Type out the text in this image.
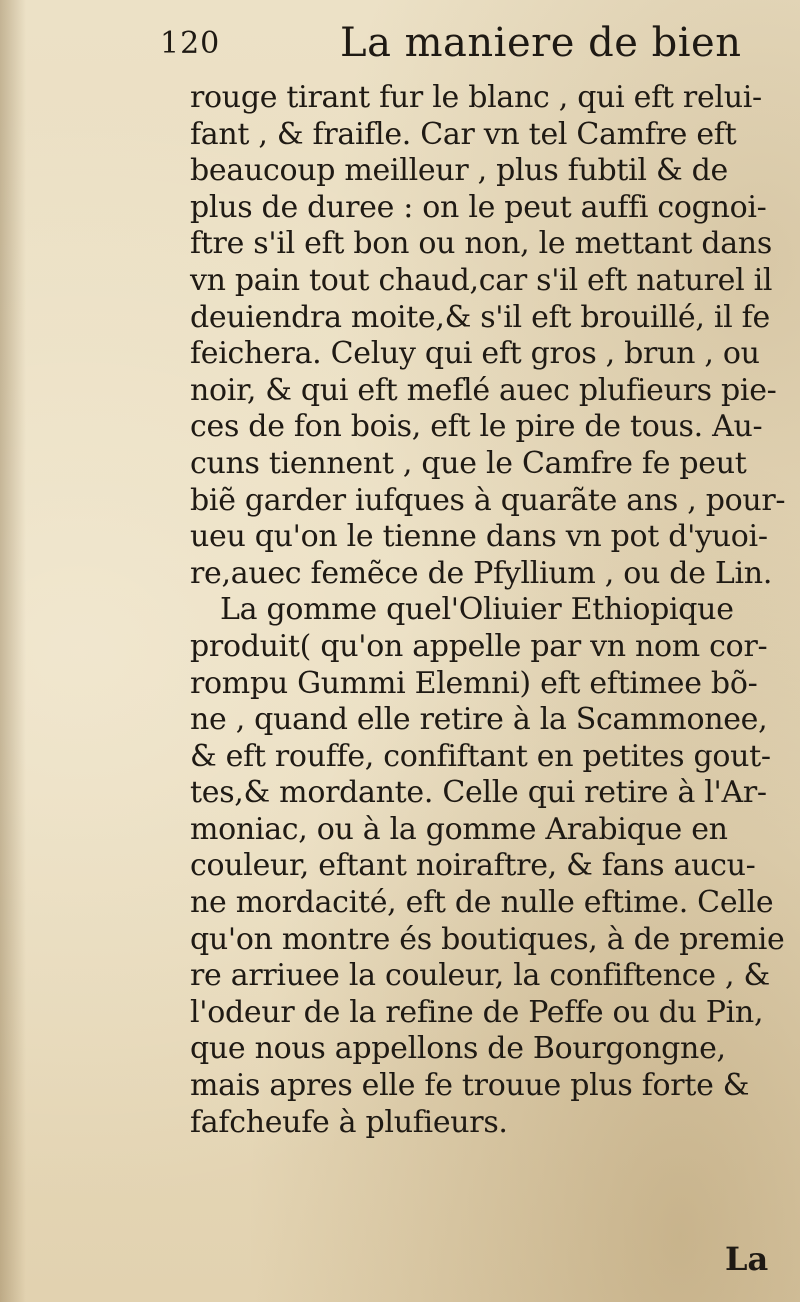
120	La maniere de bien
rouge tirant fur le blanc , qui eft relui-
fant , & fraifle. Car vn tel Camfre eft
beaucoup meilleur , plus fubtil & de
plus de duree : on le peut auffi cognoi-
ftre s'il eft bon ou non, le mettant dans
vn pain tout chaud,car s'il eft naturel il
deuiendra moite,& s'il eft brouillé, il fe
feichera. Celuy qui eft gros , brun , ou
noir, & qui eft meflé auec plufieurs pie-
ces de fon bois, eft le pire de tous. Au-
cuns tiennent , que le Camfre fe peut
biẽ garder iufques à quarãte ans , pour-
ueu qu'on le tienne dans vn pot d'yuoi-
re,auec femẽce de Pfyllium , ou de Lin.
La gomme quel'Oliuier Ethiopique
produit( qu'on appelle par vn nom cor-
rompu Gummi Elemni) eft eftimee bõ-
ne , quand elle retire à la Scammonee,
& eft rouffe, confiftant en petites gout-
tes,& mordante. Celle qui retire à l'Ar-
moniac, ou à la gomme Arabique en
couleur, eftant noiraftre, & fans aucu-
ne mordacité, eft de nulle eftime. Celle
qu'on montre és boutiques, à de premie
re arriuee la couleur, la confiftence , &
l'odeur de la refine de Peffe ou du Pin,
que nous appellons de Bourgongne,
mais apres elle fe trouue plus forte &
fafcheufe à plufieurs.
La
